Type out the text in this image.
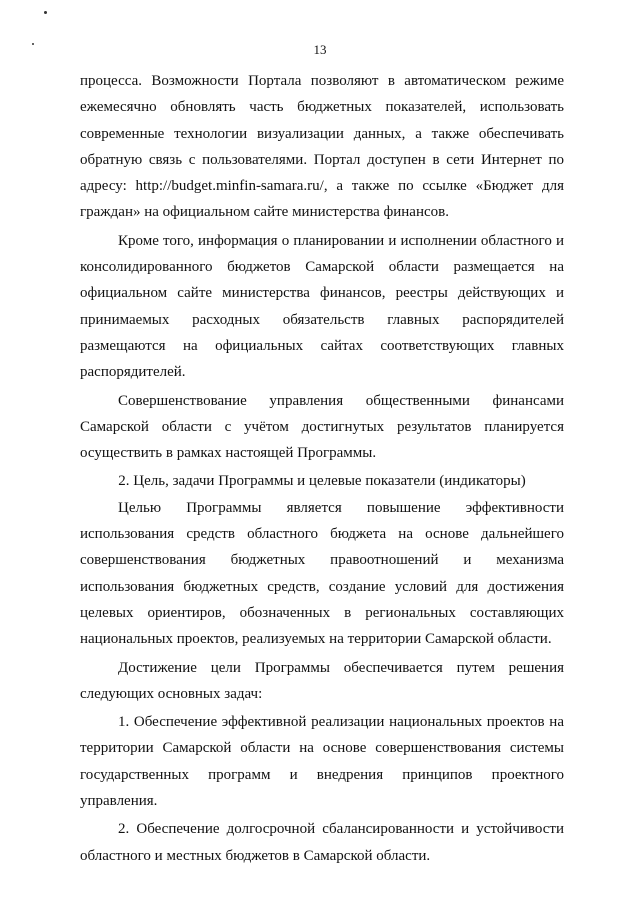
13
процесса. Возможности Портала позволяют в автоматическом режиме
ежемесячно обновлять часть бюджетных показателей, использовать
современные технологии визуализации данных, а также обеспечивать
обратную связь с пользователями. Портал доступен в сети Интернет по
адресу: http://budget.minfin-samara.ru/, а также по ссылке «Бюджет для
граждан» на официальном сайте министерства финансов.
Кроме того, информация о планировании и исполнении областного и
консолидированного бюджетов Самарской области размещается на
официальном сайте министерства финансов, реестры действующих и
принимаемых расходных обязательств главных распорядителей
размещаются на официальных сайтах соответствующих главных
распорядителей.
Совершенствование управления общественными финансами
Самарской области с учётом достигнутых результатов планируется
осуществить в рамках настоящей Программы.
2. Цель, задачи Программы и целевые показатели (индикаторы)
Целью Программы является повышение эффективности
использования средств областного бюджета на основе дальнейшего
совершенствования бюджетных правоотношений и механизма
использования бюджетных средств, создание условий для достижения
целевых ориентиров, обозначенных в региональных составляющих
национальных проектов, реализуемых на территории Самарской области.
Достижение цели Программы обеспечивается путем решения
следующих основных задач:
1. Обеспечение эффективной реализации национальных проектов на
территории Самарской области на основе совершенствования системы
государственных программ и внедрения принципов проектного
управления.
2. Обеспечение долгосрочной сбалансированности и устойчивости
областного и местных бюджетов в Самарской области.
